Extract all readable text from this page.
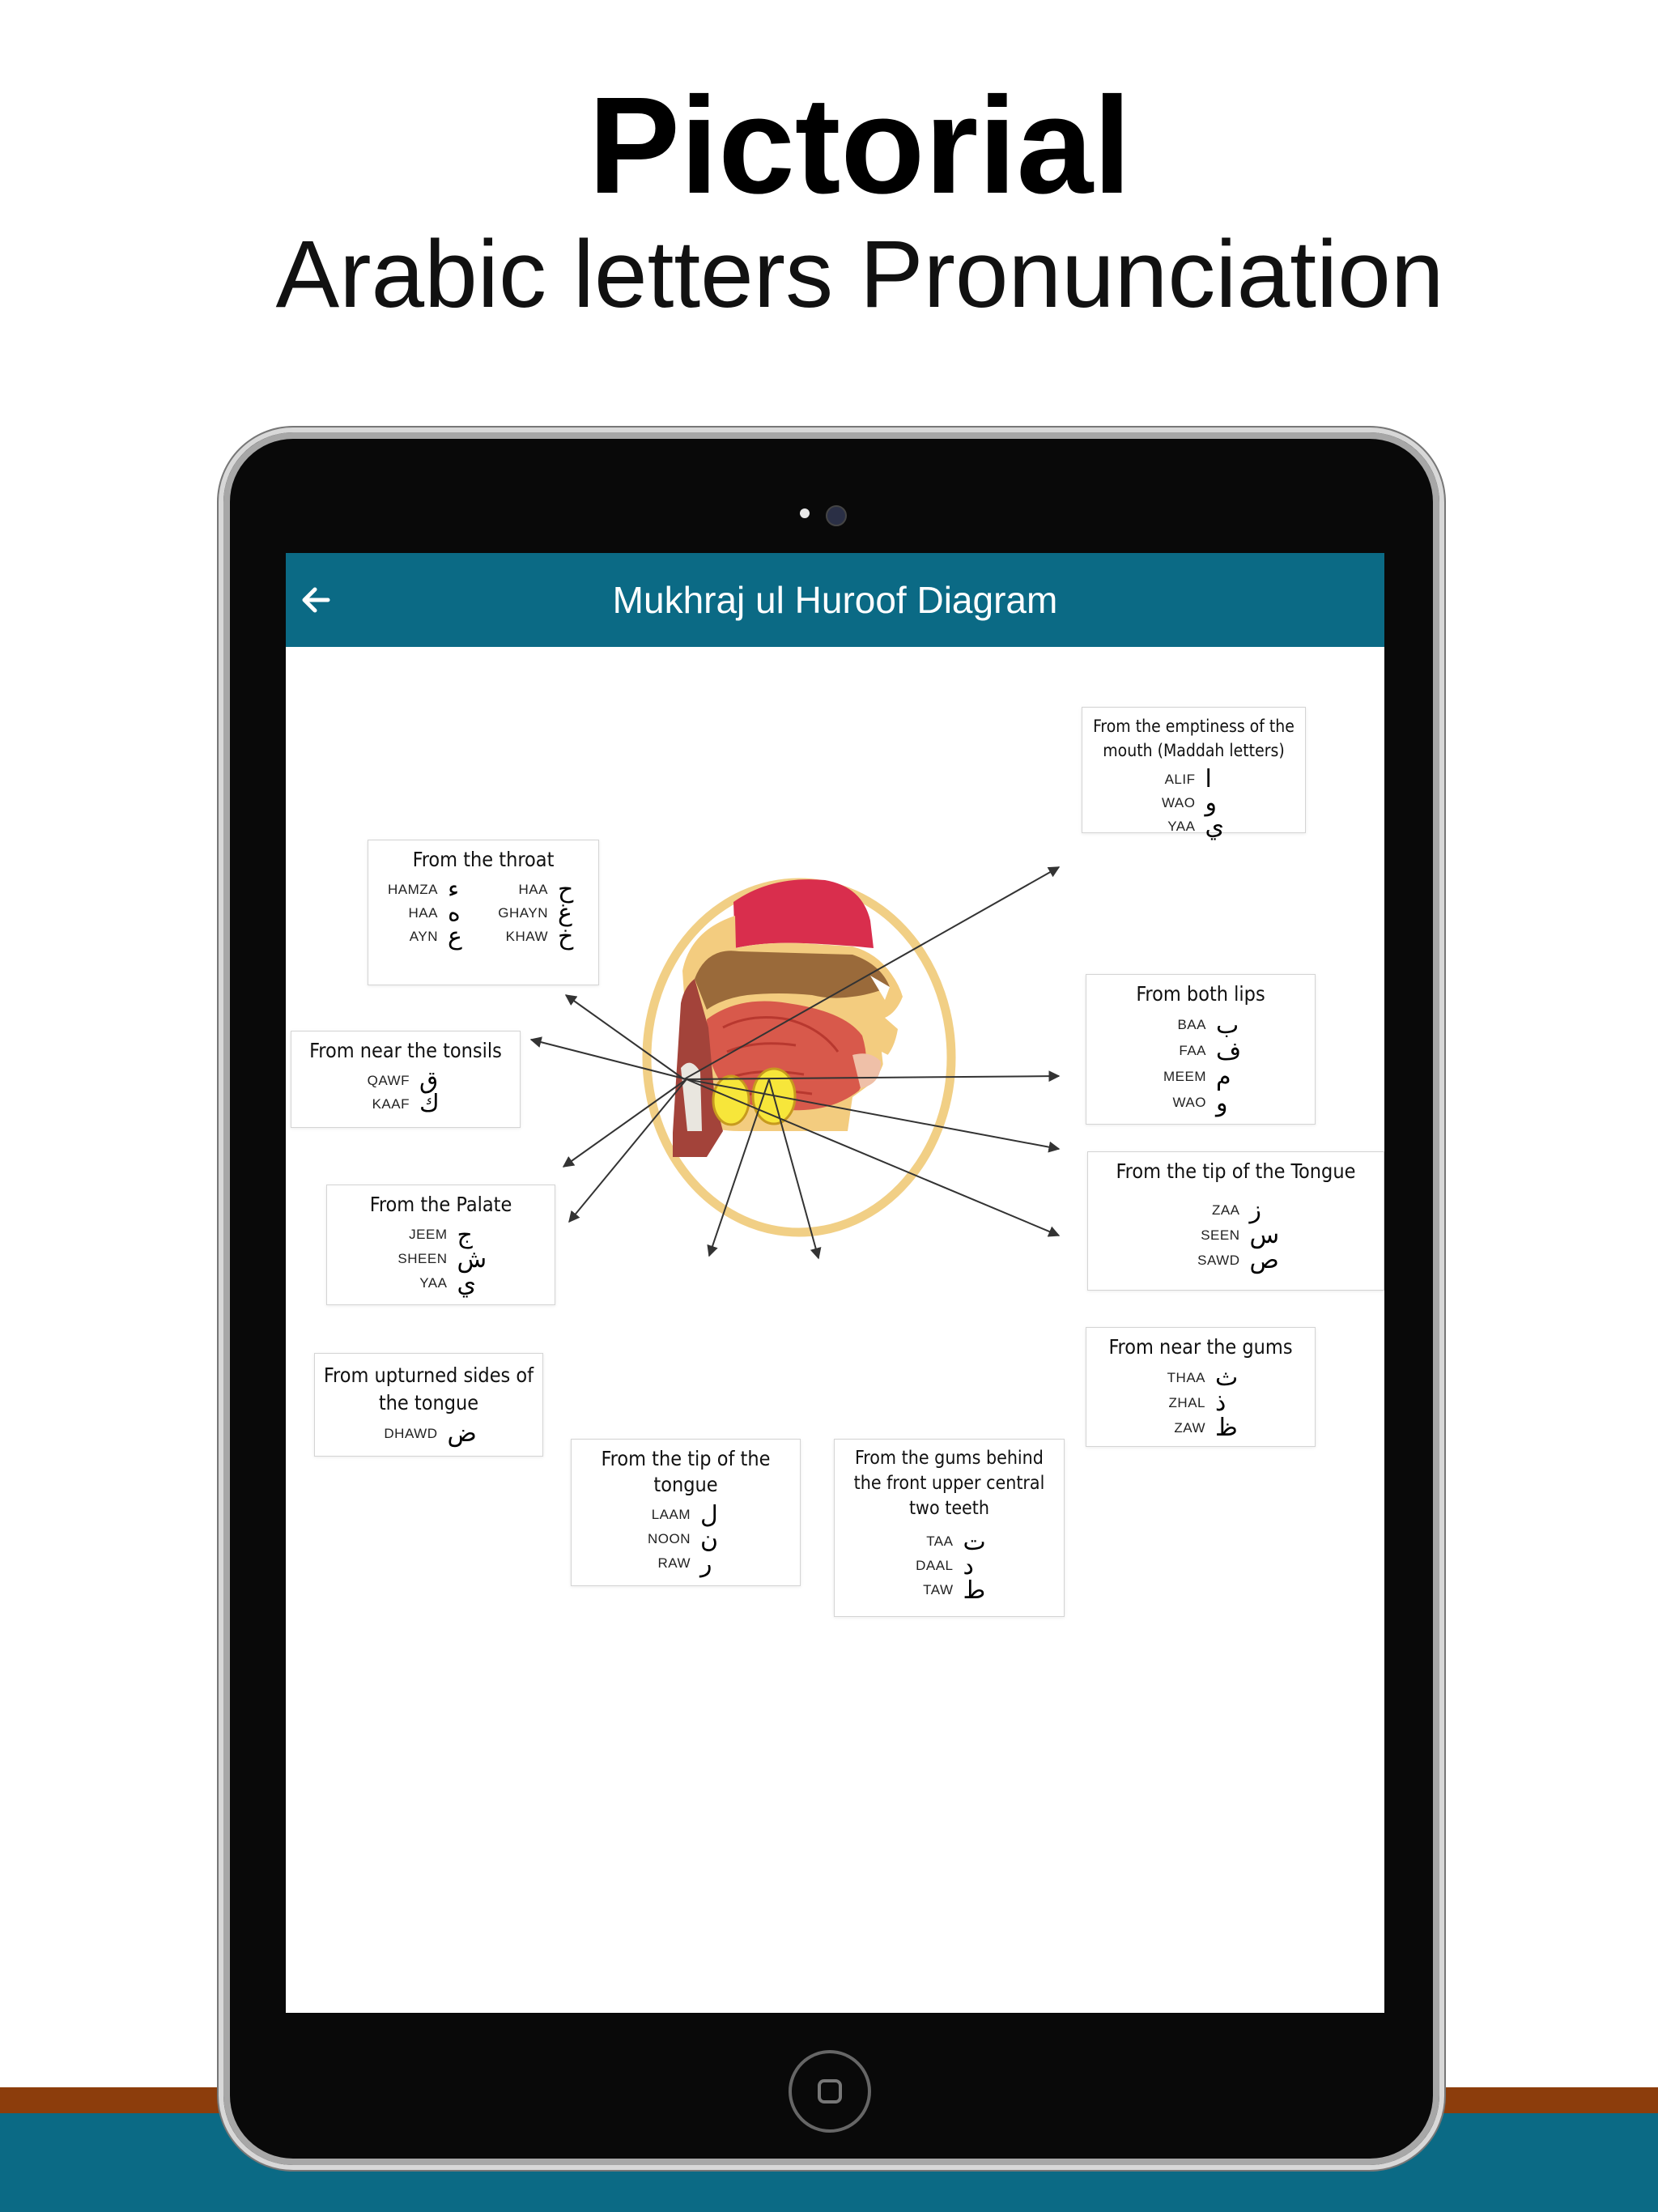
Pictorial
Arabic letters Pronunciation
Mukhraj ul Huroof Diagram
From the emptiness of the mouth (Maddah letters)
ALIF ا
WAO و
YAA ي
From the throat
HAMZA ء	HAA ح
HAA ه	GHAYN غ
AYN ع	KHAW خ
From both lips
BAA ب
FAA ف
MEEM م
WAO و
From near the tonsils
QAWF ق
KAAF ك
From the tip of the Tongue
ZAA ز
SEEN س
SAWD ص
From the Palate
JEEM ج
SHEEN ش
YAA ي
From near the gums
THAA ث
ZHAL ذ
ZAW ظ
From upturned sides of the tongue
DHAWD ض
From the tip of the tongue
LAAM ل
NOON ن
RAW ر
From the gums behind the front upper central two teeth
TAA ت
DAAL د
TAW ط
